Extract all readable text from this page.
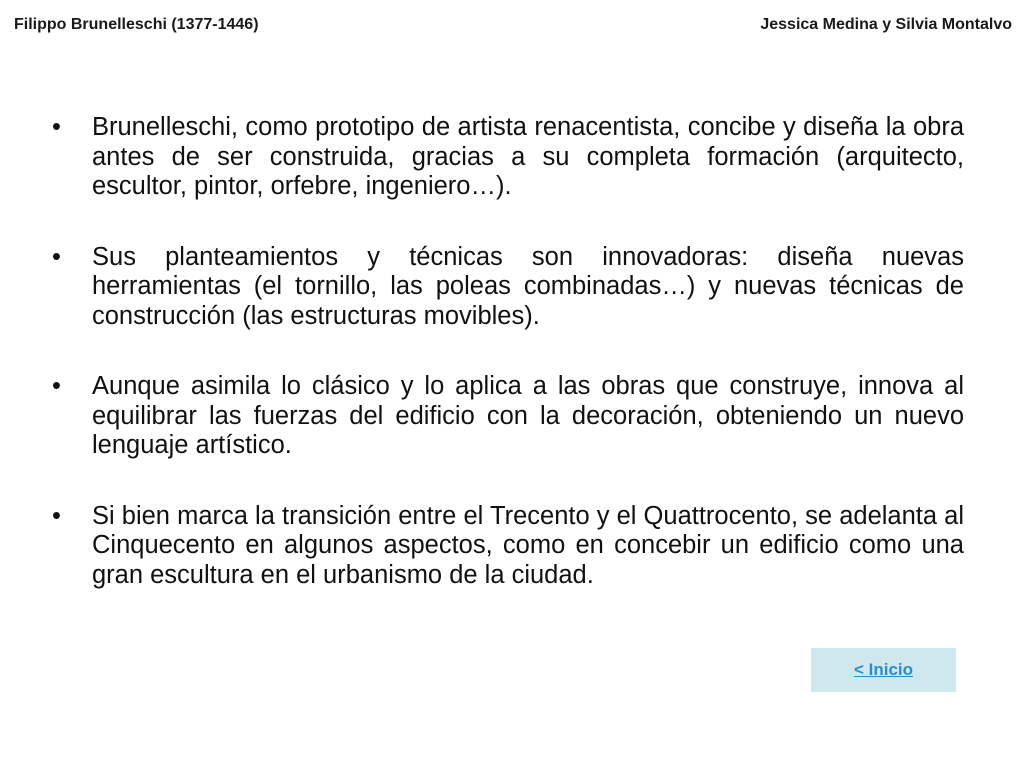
Filippo Brunelleschi (1377-1446)	Jessica Medina y Silvia Montalvo
•	Brunelleschi, como prototipo de artista renacentista, concibe y diseña la obra antes de ser construida, gracias a su completa formación (arquitecto, escultor, pintor, orfebre, ingeniero…).
•	Sus planteamientos y técnicas son innovadoras: diseña nuevas herramientas (el tornillo, las poleas combinadas…) y nuevas técnicas de construcción (las estructuras movibles).
•	Aunque asimila lo clásico y lo aplica a las obras que construye, innova al equilibrar las fuerzas del edificio con la decoración, obteniendo un nuevo lenguaje artístico.
•	Si bien marca la transición entre el Trecento y el Quattrocento, se adelanta al Cinquecento en algunos aspectos, como en concebir un edificio como una gran escultura en el urbanismo de la ciudad.
< Inicio
